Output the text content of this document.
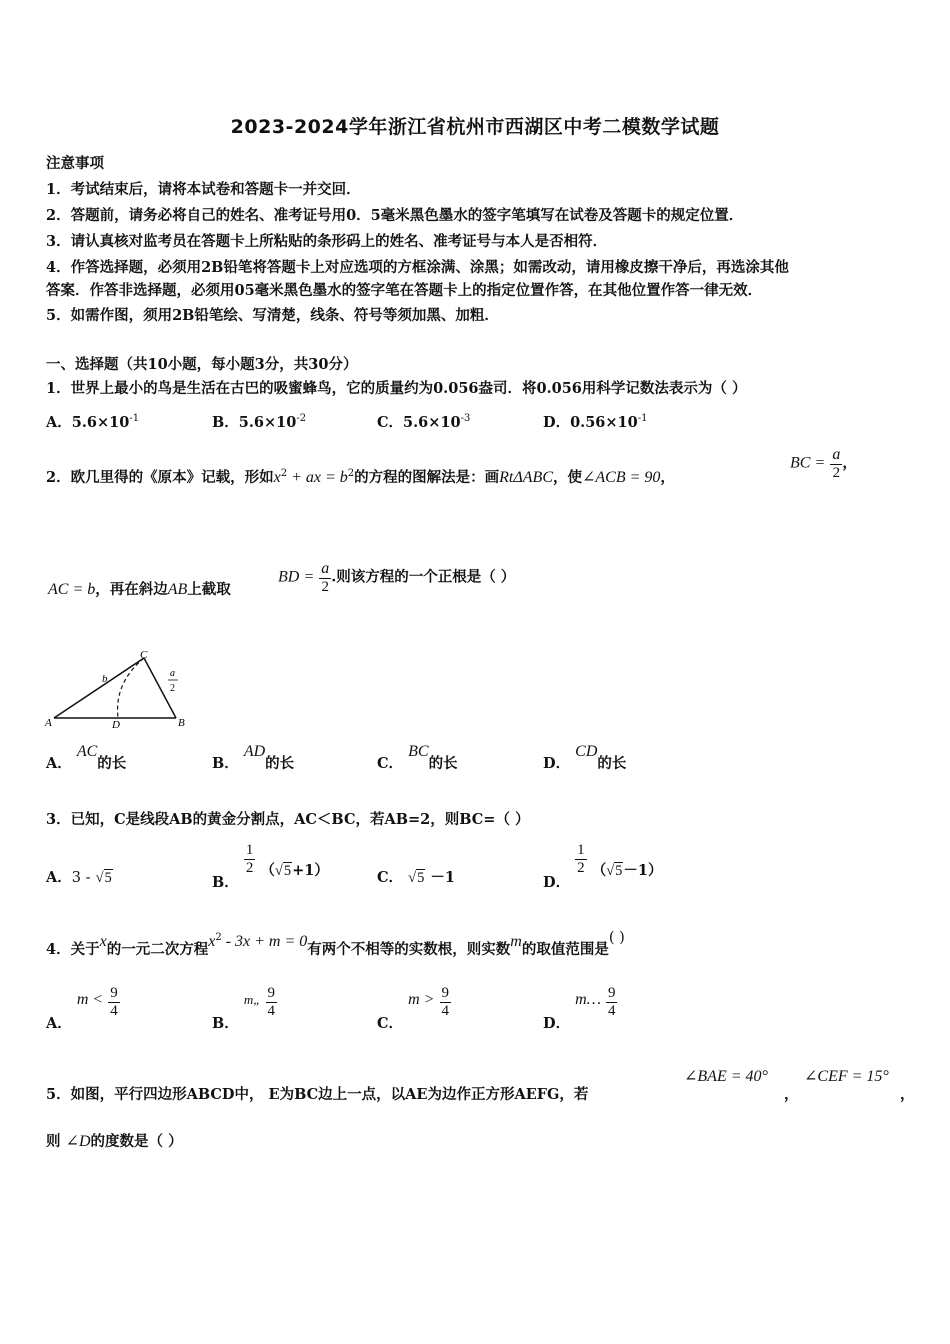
2023-2024学年浙江省杭州市西湖区中考二模数学试题
注意事项
1．考试结束后，请将本试卷和答题卡一并交回．
2．答题前，请务必将自己的姓名、准考证号用0．5毫米黑色墨水的签字笔填写在试卷及答题卡的规定位置．
3．请认真核对监考员在答题卡上所粘贴的条形码上的姓名、准考证号与本人是否相符．
4．作答选择题，必须用2B铅笔将答题卡上对应选项的方框涂满、涂黑；如需改动，请用橡皮擦干净后，再选涂其他
答案．作答非选择题，必须用05毫米黑色墨水的签字笔在答题卡上的指定位置作答，在其他位置作答一律无效．
5．如需作图，须用2B铅笔绘、写清楚，线条、符号等须加黑、加粗．
一、选择题（共10小题，每小题3分，共30分）
1．世界上最小的鸟是生活在古巴的吸蜜蜂鸟，它的质量约为0.056盎司．将0.056用科学记数法表示为（ ）
A．$5.6\times 10^{-1}$	B．$5.6\times 10^{-2}$	C．$5.6\times 10^{-3}$	D．$0.56\times 10^{-1}$
2．欧几里得的《原本》记载，形如$x^2$ + ax = $b^2$的方程的图解法是：画RtΔABC，使∠ACB = 90，
BC = $\frac{a}{2}$ ，
AC = b，再在斜边AB上截取
BD = $\frac{a}{2}$ .则该方程的一个正根是（ ）
A	B
C
D
b	a
2
A． AC的长	B． AD的长	C． BC的长	D． CD的长
3．已知，C是线段AB的黄金分割点，AC＜BC，若AB=2，则BC=（ ）
A．3 - √5	B．
$\frac{1}{2} (√5+1)$	C． √5 －1	D．
$\frac{1}{2} (√5-1)$
4．关于x的一元二次方程$x^2 - 3x + m = 0$有两个不相等的实数根，则实数m的取值范围是( )
A． $m < \frac{9}{4}$
B． m„ $\frac{9}{4}$
C． $m > \frac{9}{4}$
D． m… $\frac{9}{4}$
5．如图，平行四边形ABCD中， E为BC边上一点，以AE为边作正方形AEFG，若
∠BAE = 40°
，
∠CEF = 15°
，
则 ∠D的度数是（ ）
